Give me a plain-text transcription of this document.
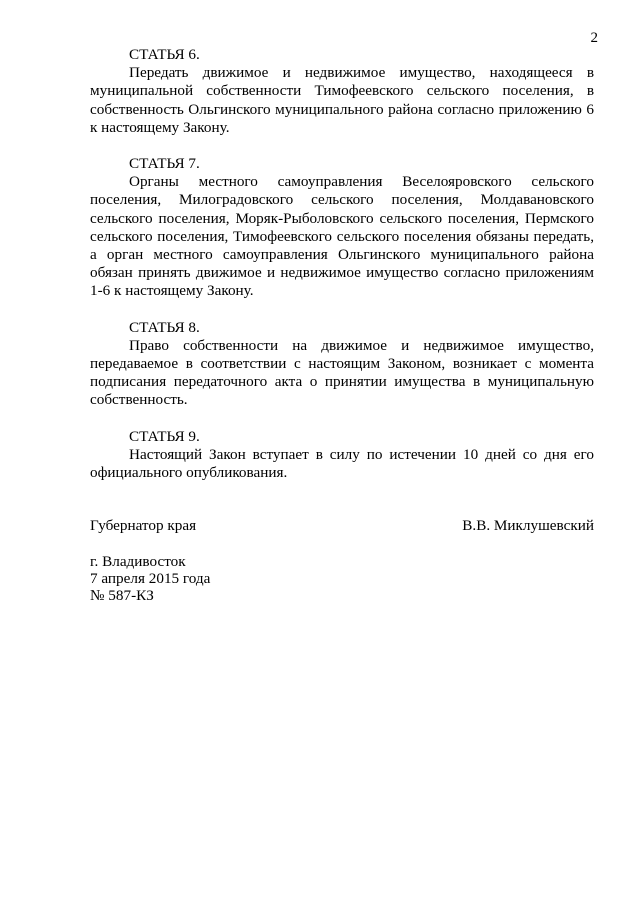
2
СТАТЬЯ 6.

Передать движимое и недвижимое имущество, находящееся в муниципальной собственности Тимофеевского сельского поселения, в собственность Ольгинского муниципального района согласно приложению 6 к настоящему Закону.

СТАТЬЯ 7.

Органы местного самоуправления Веселояровского сельского поселения, Милоградовского сельского поселения, Молдавановского сельского поселения, Моряк-Рыболовского сельского поселения, Пермского сельского поселения, Тимофеевского сельского поселения обязаны передать, а орган местного самоуправления Ольгинского муниципального района обязан принять движимое и недвижимое имущество согласно приложениям 1-6 к настоящему Закону.

СТАТЬЯ 8.

Право собственности на движимое и недвижимое имущество, передаваемое в соответствии с настоящим Законом, возникает с момента подписания передаточного акта о принятии имущества в муниципальную собственность.

СТАТЬЯ 9.

Настоящий Закон вступает в силу по истечении 10 дней со дня его официального опубликования.

Губернатор края	В.В. Миклушевский
г. Владивосток
7 апреля 2015 года
№ 587-КЗ
